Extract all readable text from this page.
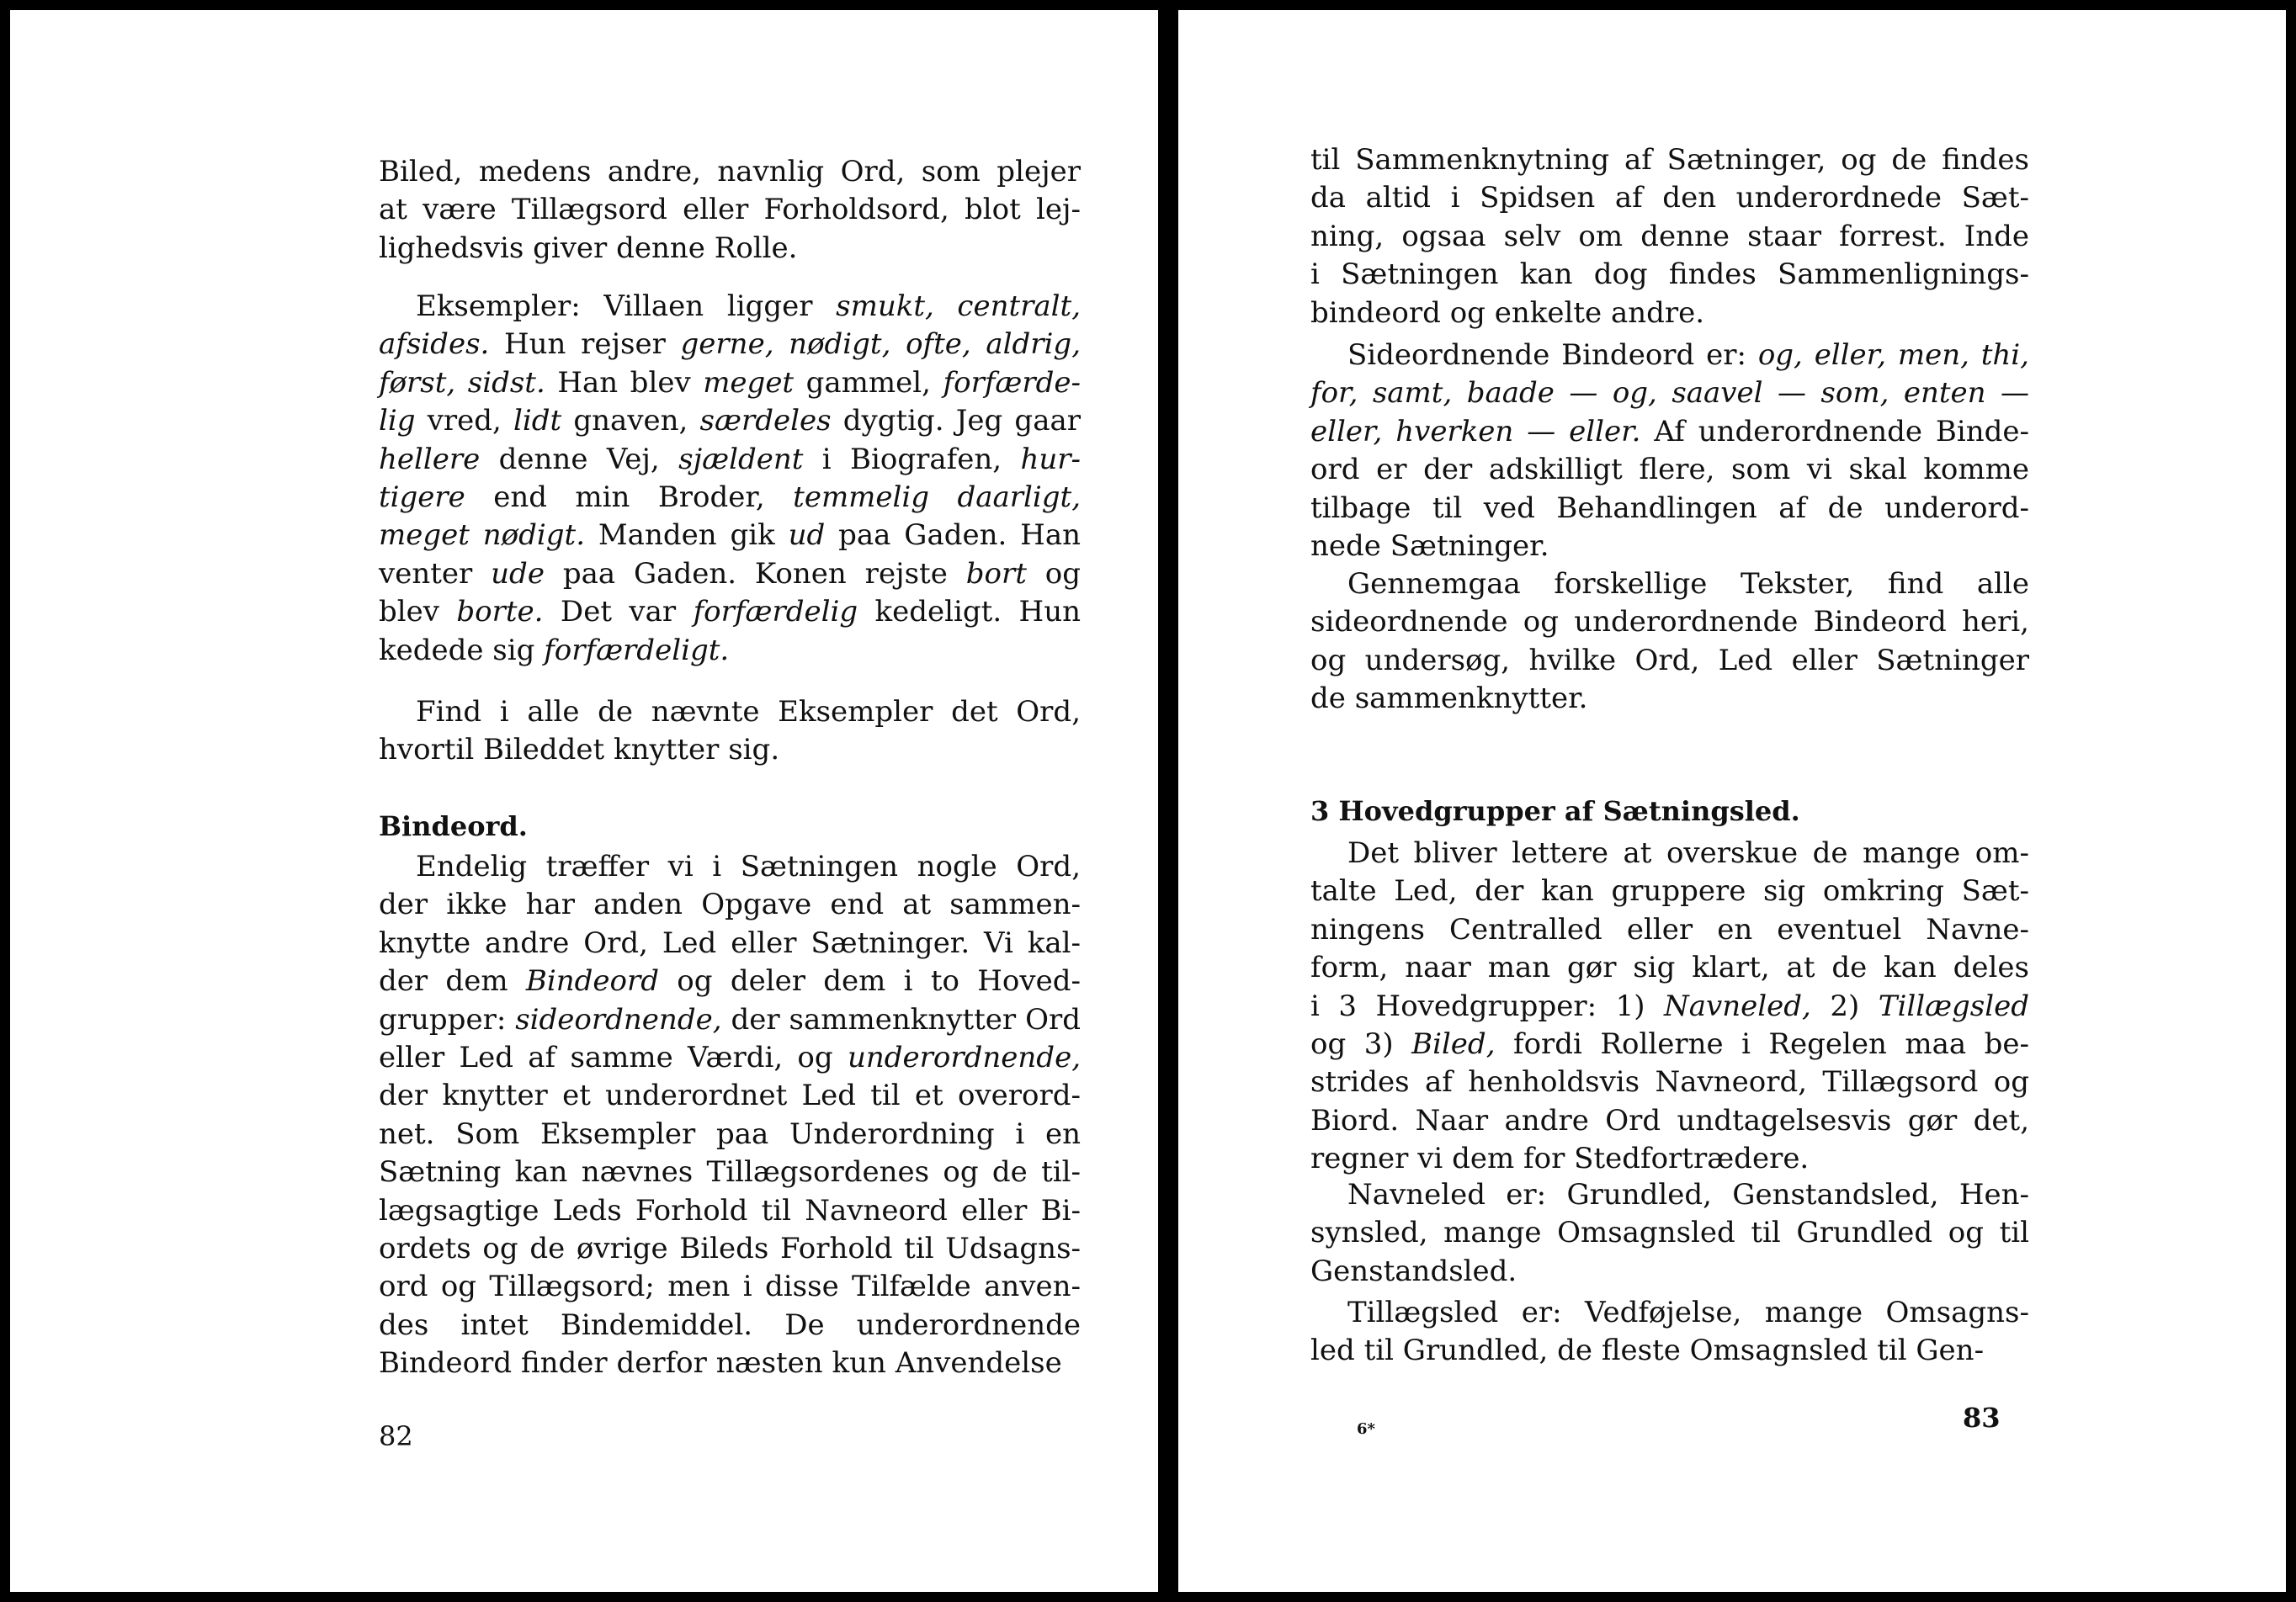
Biled, medens andre, navnlig Ord, som plejer
at være Tillægsord eller Forholdsord, blot lej-
lighedsvis giver denne Rolle.
Eksempler: Villaen ligger smukt, centralt,
afsides. Hun rejser gerne, nødigt, ofte, aldrig,
først, sidst. Han blev meget gammel, forfærde-
lig vred, lidt gnaven, særdeles dygtig. Jeg gaar
hellere denne Vej, sjældent i Biografen, hur-
tigere end min Broder, temmelig daarligt,
meget nødigt. Manden gik ud paa Gaden. Han
venter ude paa Gaden. Konen rejste bort og
blev borte. Det var forfærdelig kedeligt. Hun
kedede sig forfærdeligt.
Find i alle de nævnte Eksempler det Ord,
hvortil Bileddet knytter sig.
Bindeord.
Endelig træffer vi i Sætningen nogle Ord,
der ikke har anden Opgave end at sammen-
knytte andre Ord, Led eller Sætninger. Vi kal-
der dem Bindeord og deler dem i to Hoved-
grupper: sideordnende, der sammenknytter Ord
eller Led af samme Værdi, og underordnende,
der knytter et underordnet Led til et overord-
net. Som Eksempler paa Underordning i en
Sætning kan nævnes Tillægsordenes og de til-
lægsagtige Leds Forhold til Navneord eller Bi-
ordets og de øvrige Bileds Forhold til Udsagns-
ord og Tillægsord; men i disse Tilfælde anven-
des intet Bindemiddel. De underordnende
Bindeord finder derfor næsten kun Anvendelse
82
til Sammenknytning af Sætninger, og de findes
da altid i Spidsen af den underordnede Sæt-
ning, ogsaa selv om denne staar forrest. Inde
i Sætningen kan dog findes Sammenlignings-
bindeord og enkelte andre.
Sideordnende Bindeord er: og, eller, men, thi,
for, samt, baade — og, saavel — som, enten —
eller, hverken — eller. Af underordnende Binde-
ord er der adskilligt flere, som vi skal komme
tilbage til ved Behandlingen af de underord-
nede Sætninger.
Gennemgaa forskellige Tekster, find alle
sideordnende og underordnende Bindeord heri,
og undersøg, hvilke Ord, Led eller Sætninger
de sammenknytter.
3 Hovedgrupper af Sætningsled.
Det bliver lettere at overskue de mange om-
talte Led, der kan gruppere sig omkring Sæt-
ningens Centralled eller en eventuel Navne-
form, naar man gør sig klart, at de kan deles
i 3 Hovedgrupper: 1) Navneled, 2) Tillægsled
og 3) Biled, fordi Rollerne i Regelen maa be-
strides af henholdsvis Navneord, Tillægsord og
Biord. Naar andre Ord undtagelsesvis gør det,
regner vi dem for Stedfortrædere.
Navneled er: Grundled, Genstandsled, Hen-
synsled, mange Omsagnsled til Grundled og til
Genstandsled.
Tillægsled er: Vedføjelse, mange Omsagns-
led til Grundled, de fleste Omsagnsled til Gen-
6*	83
